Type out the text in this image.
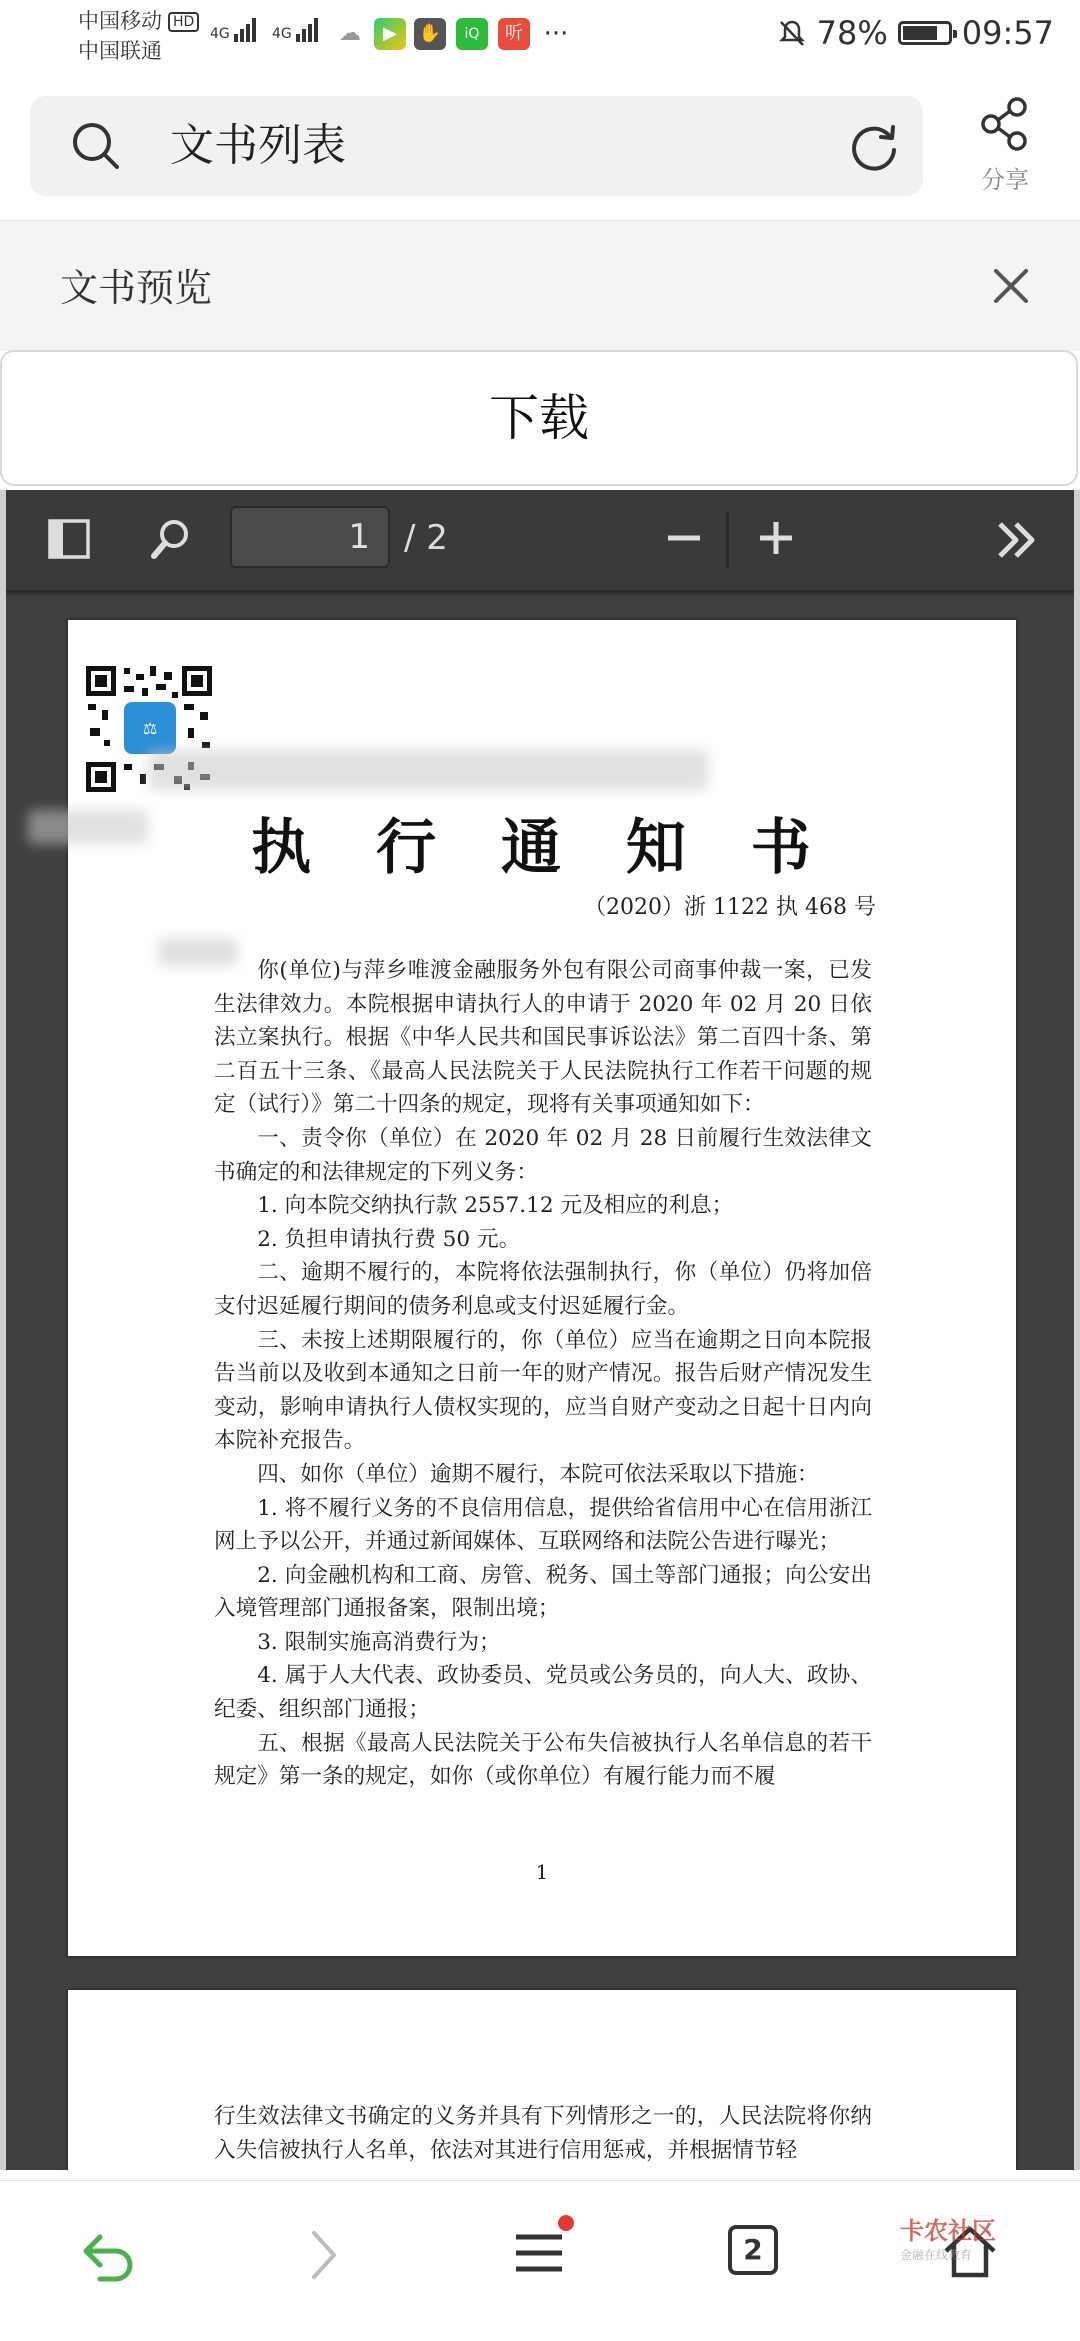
中国移动 HD
中国联通
4G	4G	☁	▶	✋	iQ	听 ···	78% 09:57
文书列表
分享
文书预览
下载
1	/ 2
⚖
执 行 通 知 书
（2020）浙 1122 执 468 号

你(单位)与萍乡唯渡金融服务外包有限公司商事仲裁一案，已发生法律效力。本院根据申请执行人的申请于 2020 年 02 月 20 日依法立案执行。根据《中华人民共和国民事诉讼法》第二百四十条、第二百五十三条、《最高人民法院关于人民法院执行工作若干问题的规定（试行）》第二十四条的规定，现将有关事项通知如下：

一、责令你（单位）在 2020 年 02 月 28 日前履行生效法律文书确定的和法律规定的下列义务：

1. 向本院交纳执行款 2557.12 元及相应的利息；

2. 负担申请执行费 50 元。

二、逾期不履行的，本院将依法强制执行，你（单位）仍将加倍支付迟延履行期间的债务利息或支付迟延履行金。

三、未按上述期限履行的，你（单位）应当在逾期之日向本院报告当前以及收到本通知之日前一年的财产情况。报告后财产情况发生变动，影响申请执行人债权实现的，应当自财产变动之日起十日内向本院补充报告。

四、如你（单位）逾期不履行，本院可依法采取以下措施：

1. 将不履行义务的不良信用信息，提供给省信用中心在信用浙江网上予以公开，并通过新闻媒体、互联网络和法院公告进行曝光；

2. 向金融机构和工商、房管、税务、国土等部门通报；向公安出入境管理部门通报备案，限制出境；

3. 限制实施高消费行为；

4. 属于人大代表、政协委员、党员或公务员的，向人大、政协、纪委、组织部门通报；

五、根据《最高人民法院关于公布失信被执行人名单信息的若干规定》第一条的规定，如你（或你单位）有履行能力而不履

1

行生效法律文书确定的义务并具有下列情形之一的，人民法院将你纳入失信被执行人名单，依法对其进行信用惩戒，并根据情节轻

2
卡农社区
金融在线教育
